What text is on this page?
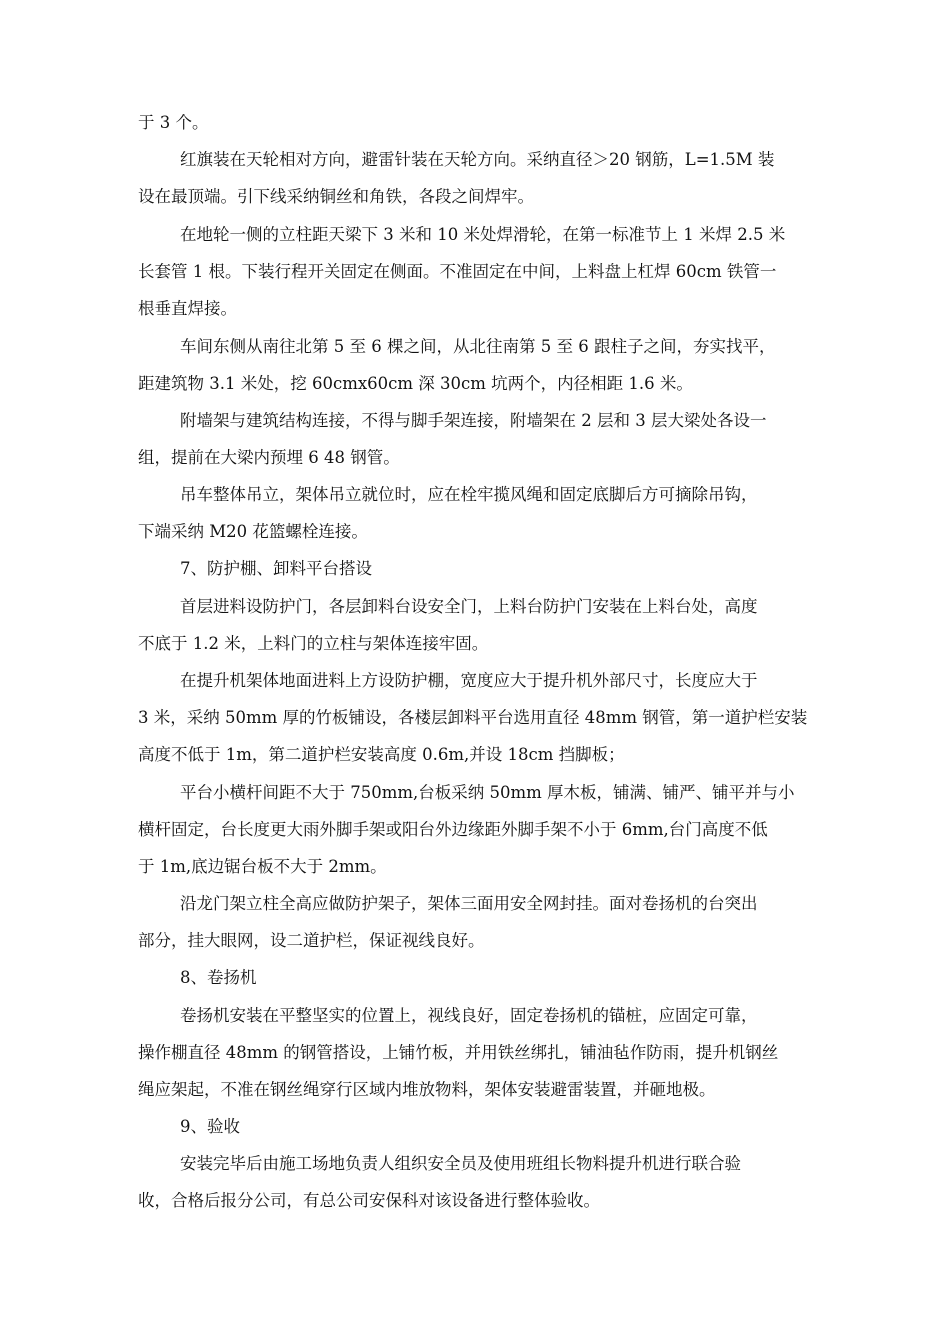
于 3 个。
红旗装在天轮相对方向，避雷针装在天轮方向。采纳直径＞20 钢筋，L=1.5M 装
设在最顶端。引下线采纳铜丝和角铁，各段之间焊牢。
在地轮一侧的立柱距天梁下 3 米和 10 米处焊滑轮，在第一标准节上 1 米焊 2.5 米
长套管 1 根。下装行程开关固定在侧面。不准固定在中间，上料盘上杠焊 60cm 铁管一
根垂直焊接。
车间东侧从南往北第 5 至 6 棵之间，从北往南第 5 至 6 跟柱子之间，夯实找平，
距建筑物 3.1 米处，挖 60cmx60cm 深 30cm 坑两个，内径相距 1.6 米。
附墙架与建筑结构连接，不得与脚手架连接，附墙架在 2 层和 3 层大梁处各设一
组，提前在大梁内预埋 6 48 钢管。
吊车整体吊立，架体吊立就位时，应在栓牢揽风绳和固定底脚后方可摘除吊钩，
下端采纳 M20 花篮螺栓连接。
7、防护棚、卸料平台搭设
首层进料设防护门，各层卸料台设安全门，上料台防护门安装在上料台处，高度
不底于 1.2 米，上料门的立柱与架体连接牢固。
在提升机架体地面进料上方设防护棚，宽度应大于提升机外部尺寸，长度应大于
3 米，采纳 50mm 厚的竹板铺设，各楼层卸料平台选用直径 48mm 钢管，第一道护栏安装
高度不低于 1m，第二道护栏安装高度 0.6m,并设 18cm 挡脚板；
平台小横杆间距不大于 750mm,台板采纳 50mm 厚木板，铺满、铺严、铺平并与小
横杆固定，台长度更大雨外脚手架或阳台外边缘距外脚手架不小于 6mm,台门高度不低
于 1m,底边锯台板不大于 2mm。
沿龙门架立柱全高应做防护架子，架体三面用安全网封挂。面对卷扬机的台突出
部分，挂大眼网，设二道护栏，保证视线良好。
8、卷扬机
卷扬机安装在平整坚实的位置上，视线良好，固定卷扬机的锚桩，应固定可靠，
操作棚直径 48mm 的钢管搭设，上铺竹板，并用铁丝绑扎，铺油毡作防雨，提升机钢丝
绳应架起，不准在钢丝绳穿行区域内堆放物料，架体安装避雷装置，并砸地极。
9、验收
安装完毕后由施工场地负责人组织安全员及使用班组长物料提升机进行联合验
收，合格后报分公司，有总公司安保科对该设备进行整体验收。
